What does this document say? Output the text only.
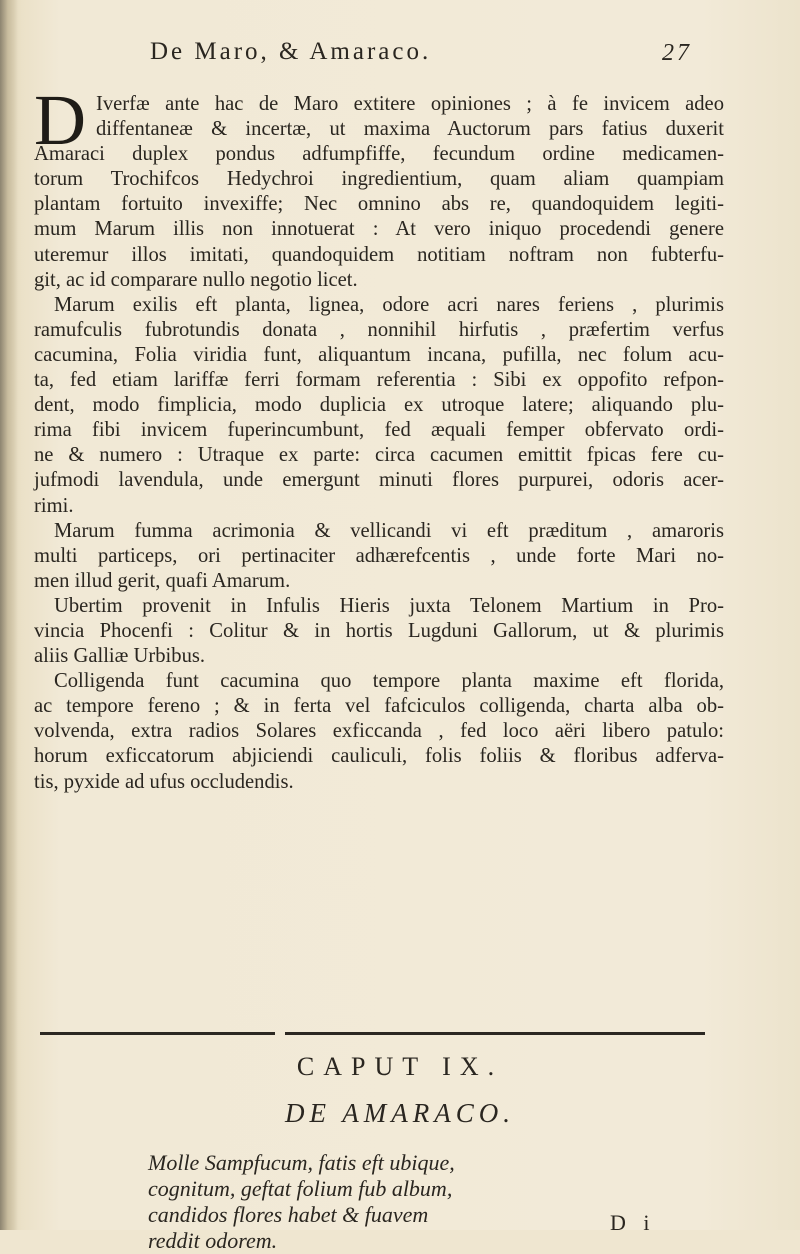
De Maro, & Amaraco.	27
D Iverfæ ante hac de Maro extitere opiniones ; à fe invicem adeo
diffentaneæ & incertæ, ut maxima Auctorum pars fatius duxerit
Amaraci duplex pondus adfumpfiffe, fecundum ordine medicamen-
torum Trochifcos Hedychroi ingredientium, quam aliam quampiam
plantam fortuito invexiffe; Nec omnino abs re, quandoquidem legiti-
mum Marum illis non innotuerat : At vero iniquo procedendi genere
uteremur illos imitati, quandoquidem notitiam noftram non fubterfu-
git, ac id comparare nullo negotio licet.
Marum exilis eft planta, lignea, odore acri nares feriens , plurimis
ramufculis fubrotundis donata , nonnihil hirfutis , præfertim verfus
cacumina, Folia viridia funt, aliquantum incana, pufilla, nec folum acu-
ta, fed etiam lariffæ ferri formam referentia : Sibi ex oppofito refpon-
dent, modo fimplicia, modo duplicia ex utroque latere; aliquando plu-
rima fibi invicem fuperincumbunt, fed æquali femper obfervato ordi-
ne & numero : Utraque ex parte: circa cacumen emittit fpicas fere cu-
jufmodi lavendula, unde emergunt minuti flores purpurei, odoris acer-
rimi.
Marum fumma acrimonia & vellicandi vi eft præditum , amaroris
multi particeps, ori pertinaciter adhærefcentis , unde forte Mari no-
men illud gerit, quafi Amarum.
Ubertim provenit in Infulis Hieris juxta Telonem Martium in Pro-
vincia Phocenfi : Colitur & in hortis Lugduni Gallorum, ut & plurimis
aliis Galliæ Urbibus.
Colligenda funt cacumina quo tempore planta maxime eft florida,
ac tempore fereno ; & in ferta vel fafciculos colligenda, charta alba ob-
volvenda, extra radios Solares exficcanda , fed loco aëri libero patulo:
horum exficcatorum abjiciendi cauliculi, folis foliis & floribus adferva-
tis, pyxide ad ufus occludendis.
CAPUT IX.
DE AMARACO.
Molle Sampfucum, fatis eft ubique,
cognitum, geftat folium fub album,
candidos flores habet & fuavem
reddit odorem.
D i
